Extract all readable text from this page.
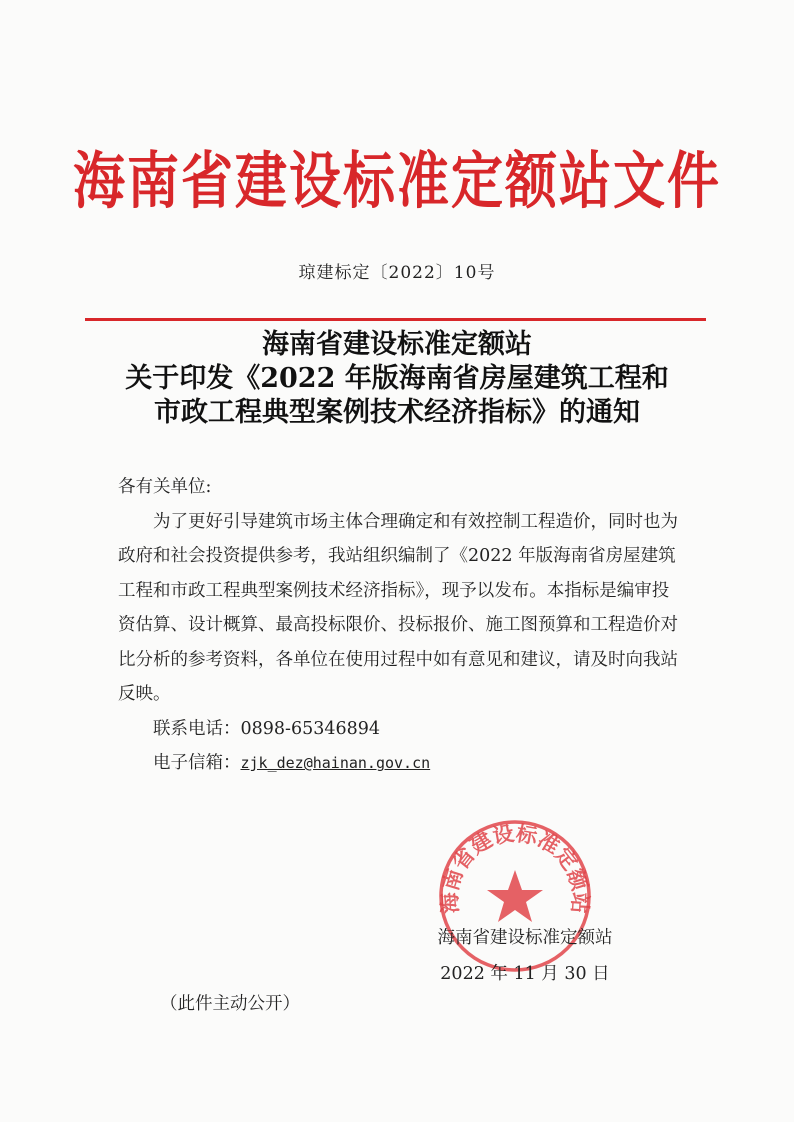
海南省建设标准定额站文件
琼建标定〔2022〕10号
海南省建设标准定额站
关于印发《2022 年版海南省房屋建筑工程和
市政工程典型案例技术经济指标》的通知

各有关单位:

为了更好引导建筑市场主体合理确定和有效控制工程造价，同时也为政府和社会投资提供参考，我站组织编制了《2022 年版海南省房屋建筑工程和市政工程典型案例技术经济指标》，现予以发布。本指标是编审投资估算、设计概算、最高投标限价、投标报价、施工图预算和工程造价对比分析的参考资料，各单位在使用过程中如有意见和建议，请及时向我站反映。

联系电话：0898-65346894

电子信箱：zjk_dez@hainan.gov.cn

海南省建设标准定额站
海南省建设标准定额站
2022 年 11 月 30 日
（此件主动公开）
